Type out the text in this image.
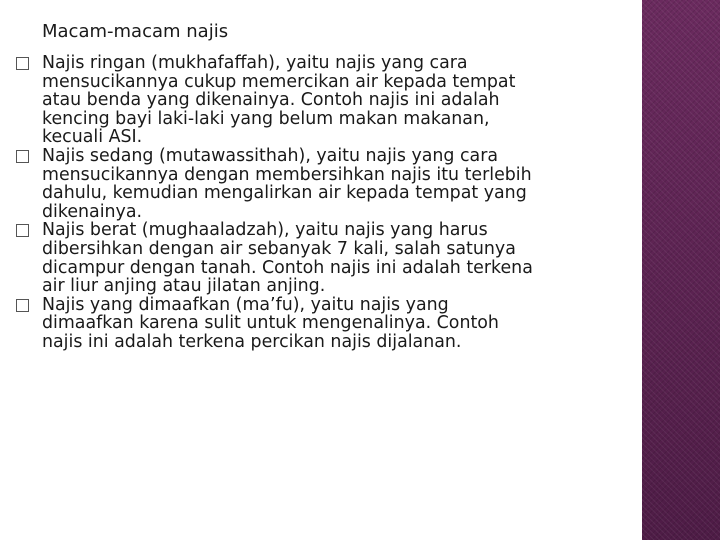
Macam-macam najis
Najis ringan (mukhafaffah), yaitu najis yang cara
mensucikannya cukup memercikan air kepada tempat
atau benda yang dikenainya. Contoh najis ini adalah
kencing bayi laki-laki yang belum makan makanan,
kecuali ASI.
Najis sedang (mutawassithah), yaitu najis yang cara
mensucikannya dengan membersihkan najis itu terlebih
dahulu, kemudian mengalirkan air kepada tempat yang
dikenainya.
Najis berat (mughaaladzah), yaitu najis yang harus
dibersihkan dengan air sebanyak 7 kali, salah satunya
dicampur dengan tanah. Contoh najis ini adalah terkena
air liur anjing atau jilatan anjing.
Najis yang dimaafkan (ma’fu), yaitu najis yang
dimaafkan karena sulit untuk mengenalinya. Contoh
najis ini adalah terkena percikan najis dijalanan.
